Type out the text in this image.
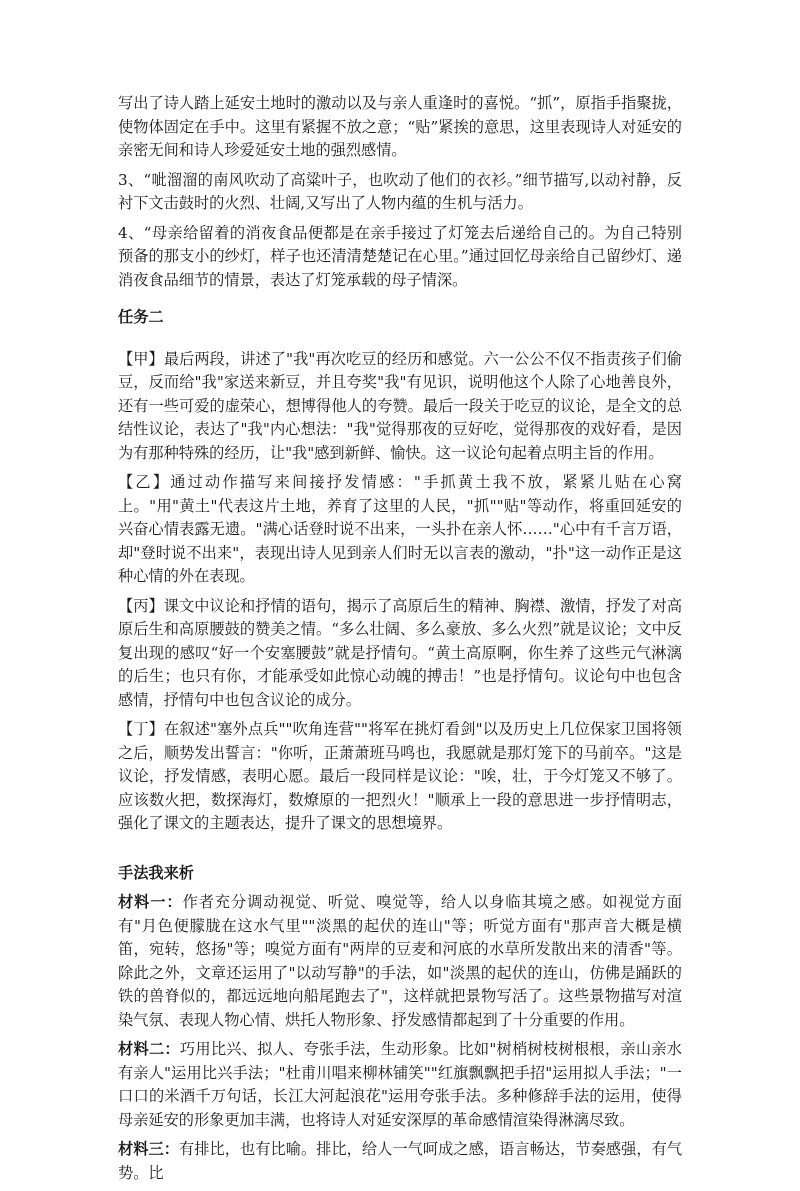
写出了诗人踏上延安土地时的激动以及与亲人重逢时的喜悦。“抓”，原指手指聚拢，使物体固定在手中。这里有紧握不放之意；“贴”紧挨的意思，这里表现诗人对延安的亲密无间和诗人珍爱延安土地的强烈感情。

3、“呲溜溜的南风吹动了高粱叶子，也吹动了他们的衣衫。”细节描写,以动衬静，反衬下文击鼓时的火烈、壮阔,又写出了人物内蕴的生机与活力。

4、“母亲给留着的消夜食品便都是在亲手接过了灯笼去后递给自己的。为自己特别预备的那支小的纱灯，样子也还清清楚楚记在心里。”通过回忆母亲给自己留纱灯、递消夜食品细节的情景，表达了灯笼承载的母子情深。

任务二

【甲】最后两段，讲述了"我"再次吃豆的经历和感觉。六一公公不仅不指责孩子们偷豆，反而给"我"家送来新豆，并且夸奖"我"有见识，说明他这个人除了心地善良外，还有一些可爱的虚荣心，想博得他人的夸赞。最后一段关于吃豆的议论，是全文的总结性议论，表达了"我"内心想法："我"觉得那夜的豆好吃，觉得那夜的戏好看，是因为有那种特殊的经历，让"我"感到新鲜、愉快。这一议论句起着点明主旨的作用。

【乙】通过动作描写来间接抒发情感："手抓黄土我不放，紧紧儿贴在心窝上。"用"黄土"代表这片土地，养育了这里的人民，"抓""贴"等动作，将重回延安的兴奋心情表露无遗。"满心话登时说不出来，一头扑在亲人怀……"心中有千言万语，却"登时说不出来"，表现出诗人见到亲人们时无以言表的激动，"扑"这一动作正是这种心情的外在表现。

【丙】课文中议论和抒情的语句，揭示了高原后生的精神、胸襟、激情，抒发了对高原后生和高原腰鼓的赞美之情。“多么壮阔、多么豪放、多么火烈”就是议论；文中反复出现的感叹“好一个安塞腰鼓”就是抒情句。“黄土高原啊，你生养了这些元气淋漓的后生；也只有你，才能承受如此惊心动魄的搏击！”也是抒情句。议论句中也包含感情，抒情句中也包含议论的成分。

【丁】在叙述"塞外点兵""吹角连营""将军在挑灯看剑"以及历史上几位保家卫国将领之后，顺势发出誓言："你听，正萧萧班马鸣也，我愿就是那灯笼下的马前卒。"这是议论，抒发情感，表明心愿。最后一段同样是议论："唉，壮，于今灯笼又不够了。应该数火把，数探海灯，数燎原的一把烈火！"顺承上一段的意思进一步抒情明志，强化了课文的主题表达，提升了课文的思想境界。

手法我来析

材料一：作者充分调动视觉、听觉、嗅觉等，给人以身临其境之感。如视觉方面有"月色便朦胧在这水气里""淡黑的起伏的连山"等；听觉方面有"那声音大概是横笛，宛转，悠扬"等；嗅觉方面有"两岸的豆麦和河底的水草所发散出来的清香"等。除此之外，文章还运用了"以动写静"的手法，如"淡黑的起伏的连山，仿佛是踊跃的铁的兽脊似的，都远远地向船尾跑去了"，这样就把景物写活了。这些景物描写对渲染气氛、表现人物心情、烘托人物形象、抒发感情都起到了十分重要的作用。

材料二：巧用比兴、拟人、夸张手法，生动形象。比如"树梢树枝树根根，亲山亲水有亲人"运用比兴手法；"杜甫川唱来柳林铺笑""红旗飘飘把手招"运用拟人手法；"一口口的米酒千万句话，长江大河起浪花"运用夸张手法。多种修辞手法的运用，使得母亲延安的形象更加丰满，也将诗人对延安深厚的革命感情渲染得淋漓尽致。

材料三：有排比，也有比喻。排比，给人一气呵成之感，语言畅达，节奏感强，有气势。比
